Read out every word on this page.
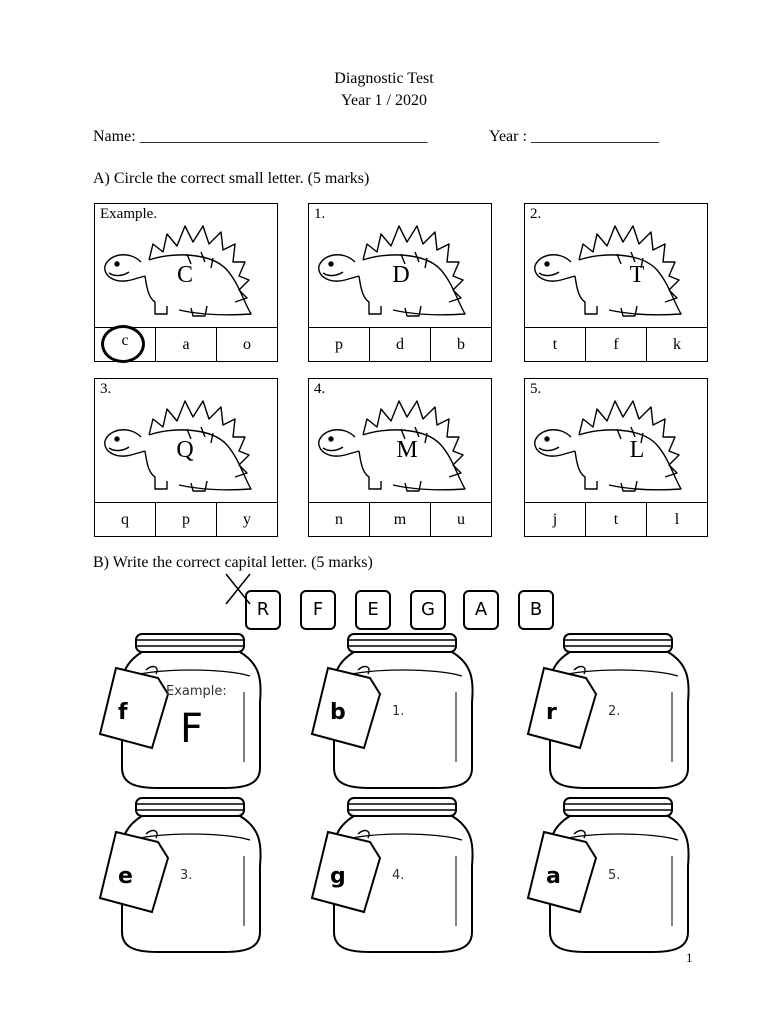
Diagnostic Test
Year 1 / 2020
Name: ____________________________________	Year : ________________
A) Circle the correct small letter. (5 marks)
Example.
C
c	a	o
1.
D
p	d	b
2.
T
t	f	k
3.
Q
q	p	y
4.
M
n	m	u
5.
L
j	t	l
B) Write the correct capital letter. (5 marks)
R	F	E	G	A	B
f
Example:
F	b	1.	r	2.
e	3.	g	4.	a	5.
1
